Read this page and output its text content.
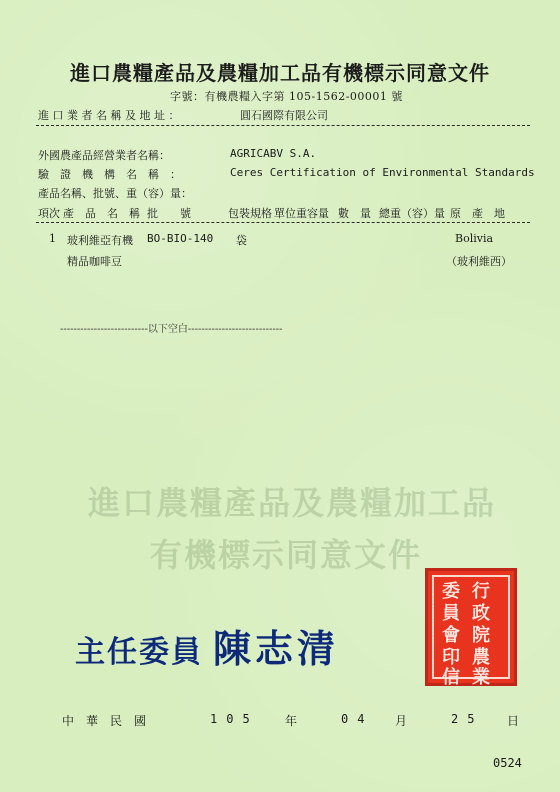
進口農糧產品及農糧加工品有機標示同意文件
字號：有機農糧入字第 105-1562-00001 號
進 口 業 者 名 稱 及 地 址 ：	圓石國際有限公司
外國農產品經營業者名稱：	AGRICABV S.A.
驗　證　機　構　名　稱　：	Ceres Certification of Environmental Standards
產品名稱、批號、重（容）量：
項次 產　品　名　稱 批　　號	包裝規格 單位重容量 數　量 總重（容）量 原　產　地
1 玻利維亞有機 BO-BIO-140 袋	Bolivia
精品咖啡豆	（玻利維西）
--------------------------以下空白----------------------------
進口農糧產品及農糧加工品
有機標示同意文件
行
政
院
農
業
委
員
會
印
信
主任委員 陳志清
中　華　民　國	105 年	04 月	25 日
0524
